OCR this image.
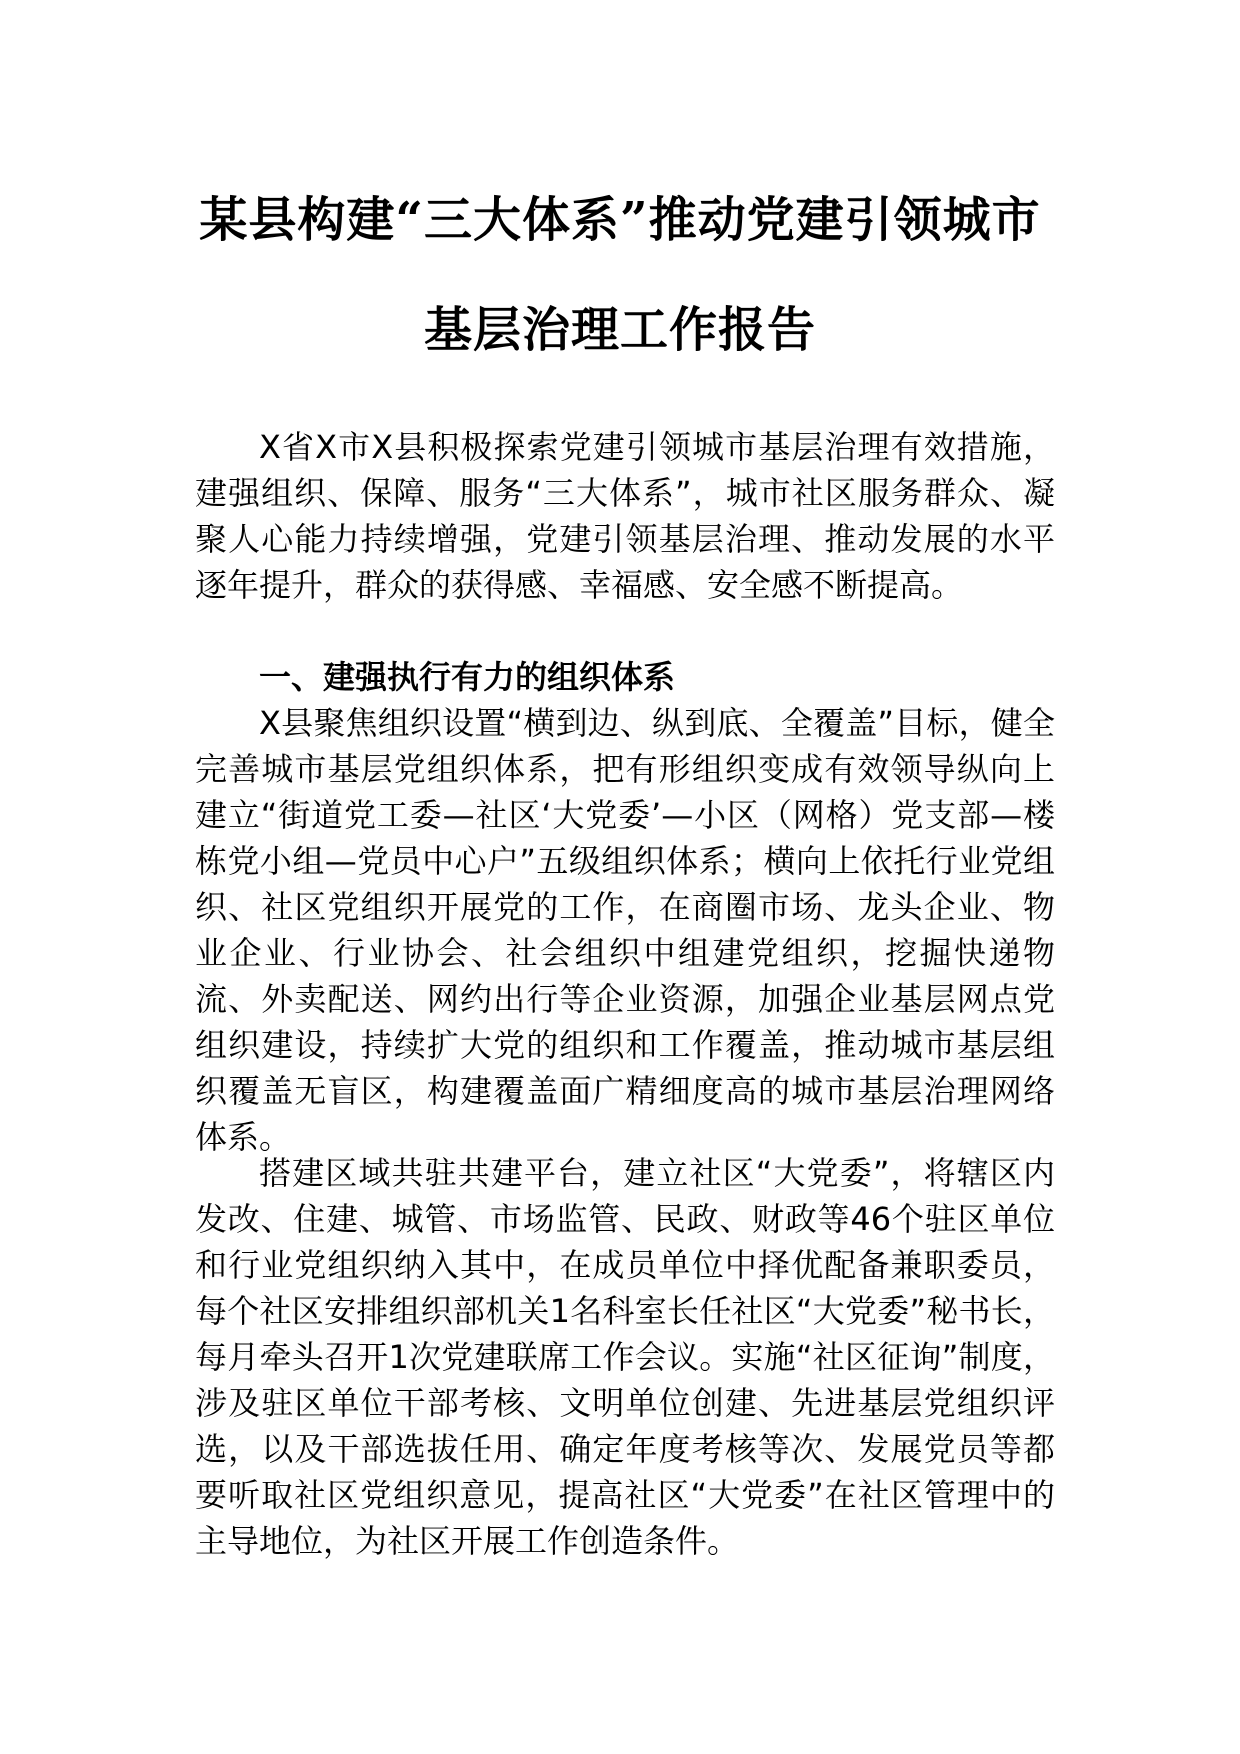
某县构建“三大体系”推动党建引领城市
基层治理工作报告

X省X市X县积极探索党建引领城市基层治理有效措施，建强组织、保障、服务“三大体系”，城市社区服务群众、凝聚人心能力持续增强，党建引领基层治理、推动发展的水平逐年提升，群众的获得感、幸福感、安全感不断提高。

一、建强执行有力的组织体系

X县聚焦组织设置“横到边、纵到底、全覆盖”目标，健全完善城市基层党组织体系，把有形组织变成有效领导纵向上建立“街道党工委—社区‘大党委’—小区（网格）党支部—楼栋党小组—党员中心户”五级组织体系；横向上依托行业党组织、社区党组织开展党的工作，在商圈市场、龙头企业、物业企业、行业协会、社会组织中组建党组织，挖掘快递物流、外卖配送、网约出行等企业资源，加强企业基层网点党组织建设，持续扩大党的组织和工作覆盖，推动城市基层组织覆盖无盲区，构建覆盖面广精细度高的城市基层治理网络体系。

搭建区域共驻共建平台，建立社区“大党委”，将辖区内发改、住建、城管、市场监管、民政、财政等46个驻区单位和行业党组织纳入其中，在成员单位中择优配备兼职委员，每个社区安排组织部机关1名科室长任社区“大党委”秘书长，每月牵头召开1次党建联席工作会议。实施“社区征询”制度，涉及驻区单位干部考核、文明单位创建、先进基层党组织评选，以及干部选拔任用、确定年度考核等次、发展党员等都要听取社区党组织意见，提高社区“大党委”在社区管理中的主导地位，为社区开展工作创造条件。
